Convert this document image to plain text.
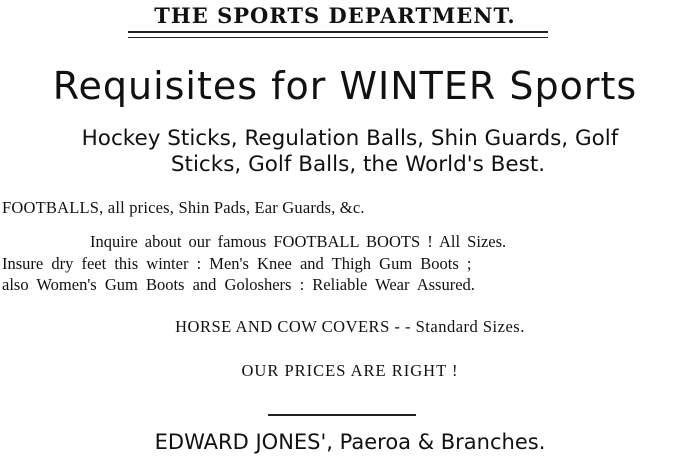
THE SPORTS DEPARTMENT.
Requisites for WINTER Sports
Hockey Sticks, Regulation Balls, Shin Guards, Golf
Sticks, Golf Balls, the World's Best.
FOOTBALLS, all prices, Shin Pads, Ear Guards, &c.
Inquire about our famous FOOTBALL BOOTS ! All Sizes.
Insure dry feet this winter : Men's Knee and Thigh Gum Boots ;
also Women's Gum Boots and Goloshers : Reliable Wear Assured.
HORSE AND COW COVERS - - Standard Sizes.
OUR PRICES ARE RIGHT !
EDWARD JONES', Paeroa & Branches.
